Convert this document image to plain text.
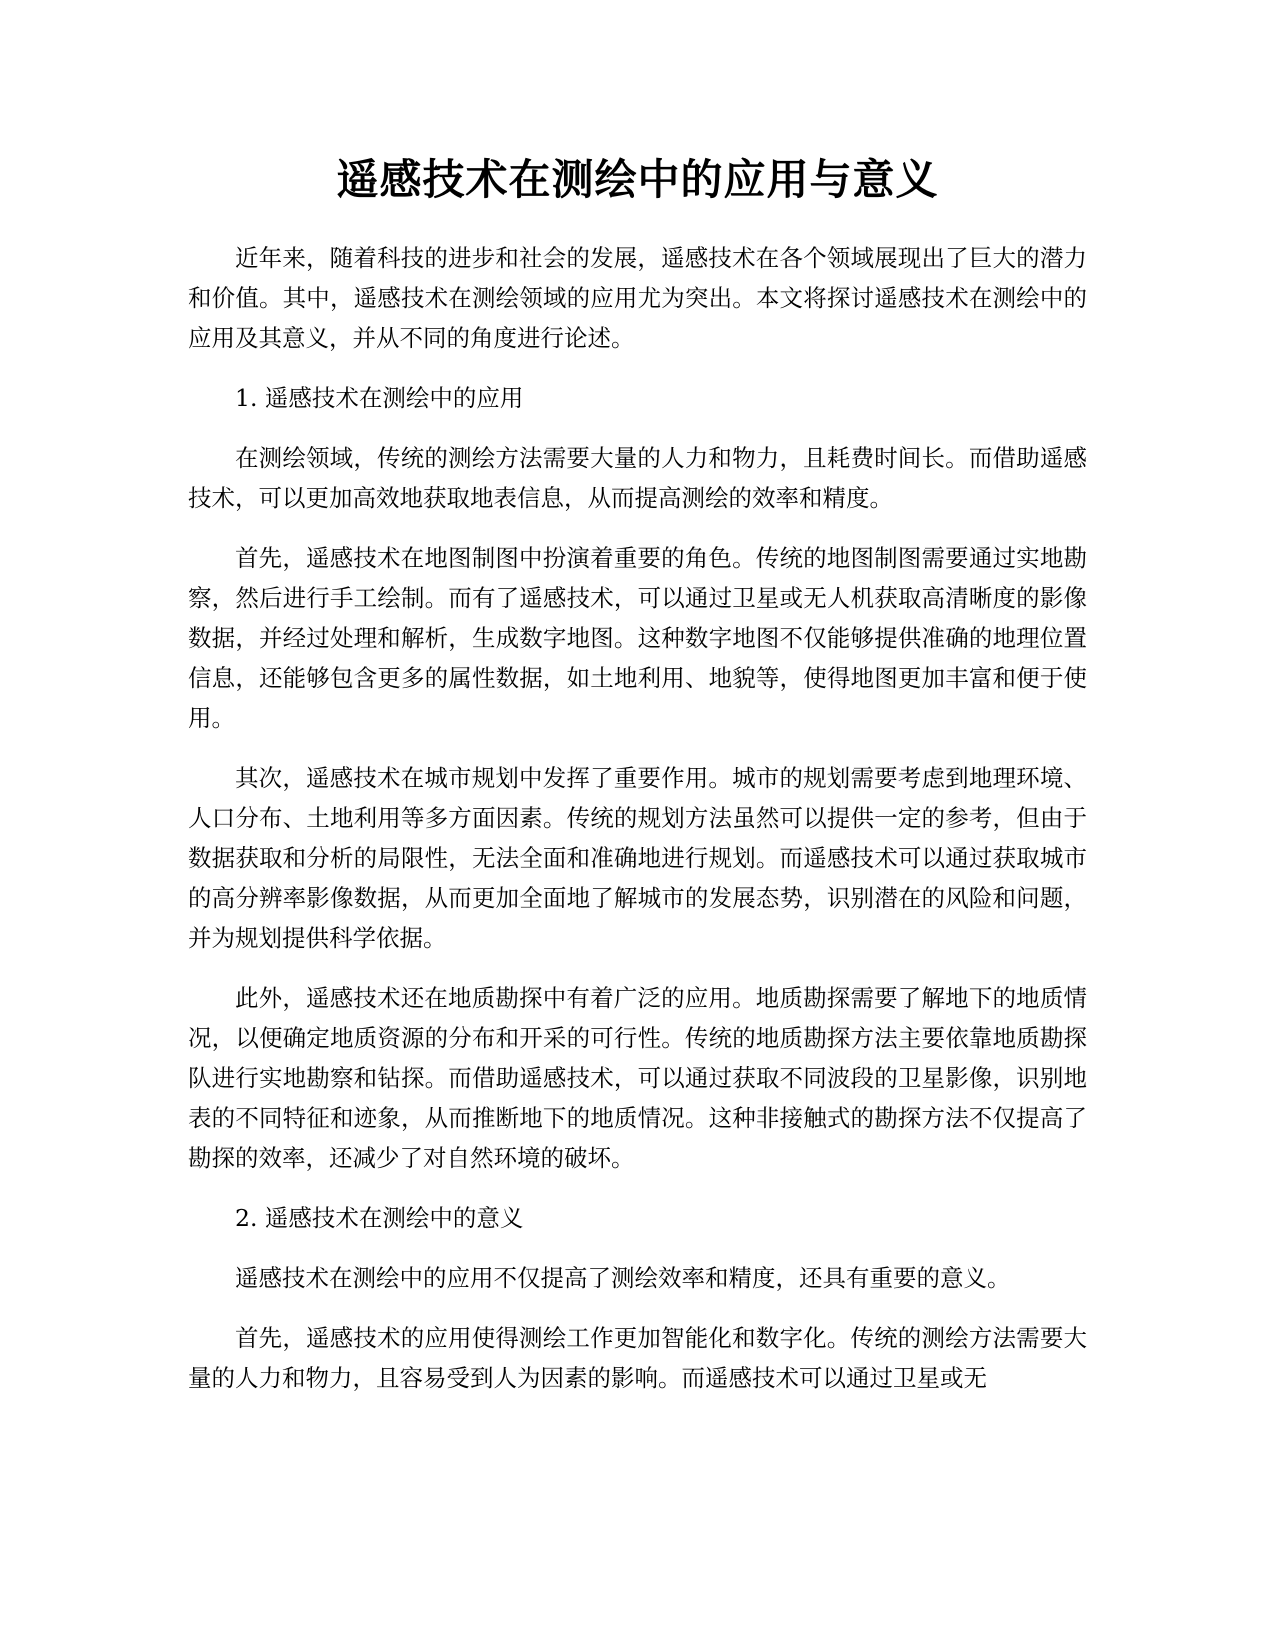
遥感技术在测绘中的应用与意义

近年来，随着科技的进步和社会的发展，遥感技术在各个领域展现出了巨大的潜力和价值。其中，遥感技术在测绘领域的应用尤为突出。本文将探讨遥感技术在测绘中的应用及其意义，并从不同的角度进行论述。

1. 遥感技术在测绘中的应用

在测绘领域，传统的测绘方法需要大量的人力和物力，且耗费时间长。而借助遥感技术，可以更加高效地获取地表信息，从而提高测绘的效率和精度。

首先，遥感技术在地图制图中扮演着重要的角色。传统的地图制图需要通过实地勘察，然后进行手工绘制。而有了遥感技术，可以通过卫星或无人机获取高清晰度的影像数据，并经过处理和解析，生成数字地图。这种数字地图不仅能够提供准确的地理位置信息，还能够包含更多的属性数据，如土地利用、地貌等，使得地图更加丰富和便于使用。

其次，遥感技术在城市规划中发挥了重要作用。城市的规划需要考虑到地理环境、人口分布、土地利用等多方面因素。传统的规划方法虽然可以提供一定的参考，但由于数据获取和分析的局限性，无法全面和准确地进行规划。而遥感技术可以通过获取城市的高分辨率影像数据，从而更加全面地了解城市的发展态势，识别潜在的风险和问题，并为规划提供科学依据。

此外，遥感技术还在地质勘探中有着广泛的应用。地质勘探需要了解地下的地质情况，以便确定地质资源的分布和开采的可行性。传统的地质勘探方法主要依靠地质勘探队进行实地勘察和钻探。而借助遥感技术，可以通过获取不同波段的卫星影像，识别地表的不同特征和迹象，从而推断地下的地质情况。这种非接触式的勘探方法不仅提高了勘探的效率，还减少了对自然环境的破坏。

2. 遥感技术在测绘中的意义

遥感技术在测绘中的应用不仅提高了测绘效率和精度，还具有重要的意义。

首先，遥感技术的应用使得测绘工作更加智能化和数字化。传统的测绘方法需要大量的人力和物力，且容易受到人为因素的影响。而遥感技术可以通过卫星或无
